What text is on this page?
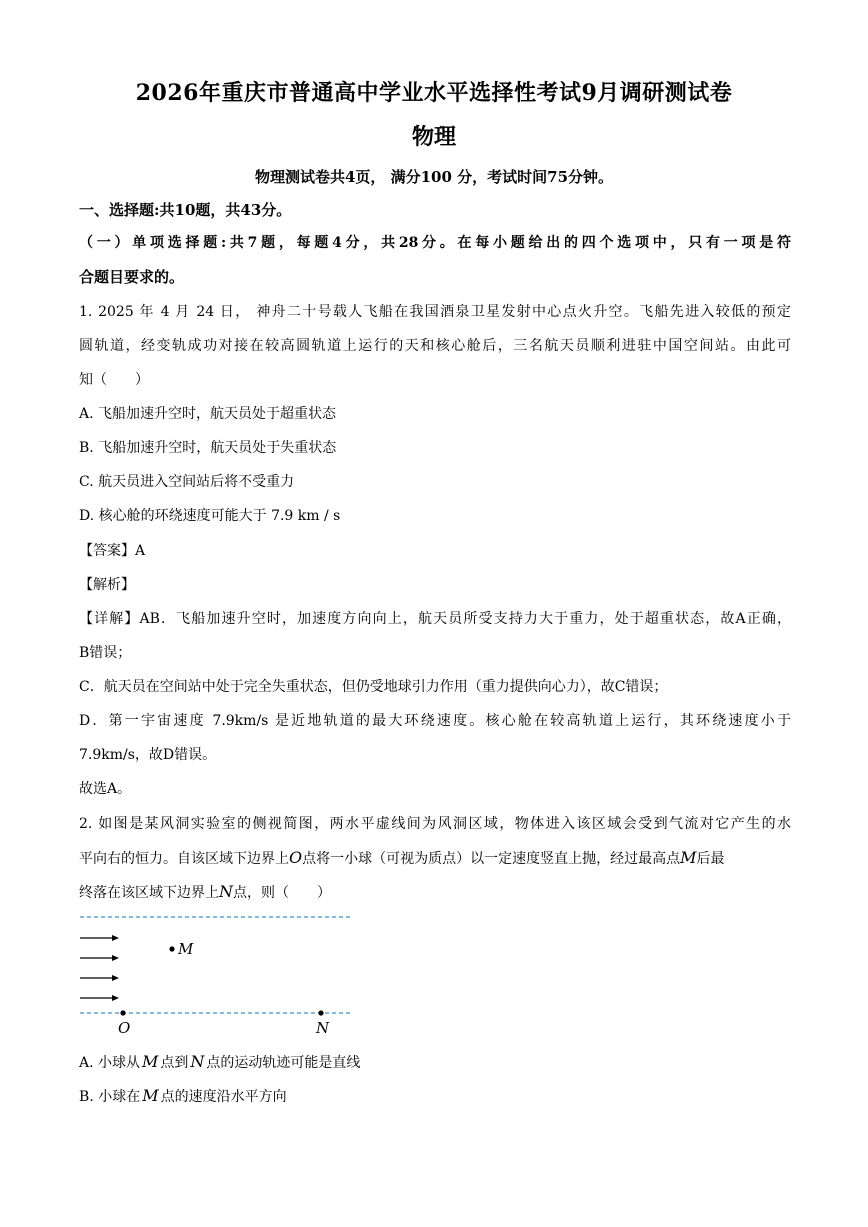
2026年重庆市普通高中学业水平选择性考试9月调研测试卷
物理
物理测试卷共4页， 满分100 分，考试时间75分钟。
一、选择题:共10题，共43分。
（一）单项选择题:共7题，每题4分，共28分。在每小题给出的四个选项中，只有一项是符
合题目要求的。
1. 2025 年 4 月 24 日， 神舟二十号载人飞船在我国酒泉卫星发射中心点火升空。飞船先进入较低的预定
圆轨道，经变轨成功对接在较高圆轨道上运行的天和核心舱后，三名航天员顺利进驻中国空间站。由此可
知（　　）
A. 飞船加速升空时，航天员处于超重状态
B. 飞船加速升空时，航天员处于失重状态
C. 航天员进入空间站后将不受重力
D. 核心舱的环绕速度可能大于 7.9 km / s
【答案】A
【解析】
【详解】AB．飞船加速升空时，加速度方向向上，航天员所受支持力大于重力，处于超重状态，故A正确，
B错误；
C．航天员在空间站中处于完全失重状态，但仍受地球引力作用（重力提供向心力），故C错误；
D．第一宇宙速度 7.9km/s 是近地轨道的最大环绕速度。核心舱在较高轨道上运行，其环绕速度小于
7.9km/s，故D错误。
故选A。
2. 如图是某风洞实验室的侧视简图，两水平虚线间为风洞区域，物体进入该区域会受到气流对它产生的水
平向右的恒力。自该区域下边界上O点将一小球（可视为质点）以一定速度竖直上抛，经过最高点M后最
终落在该区域下边界上N点，则（　　）
M
O	N
A. 小球从 M 点到 N 点的运动轨迹可能是直线
B. 小球在 M 点的速度沿水平方向
